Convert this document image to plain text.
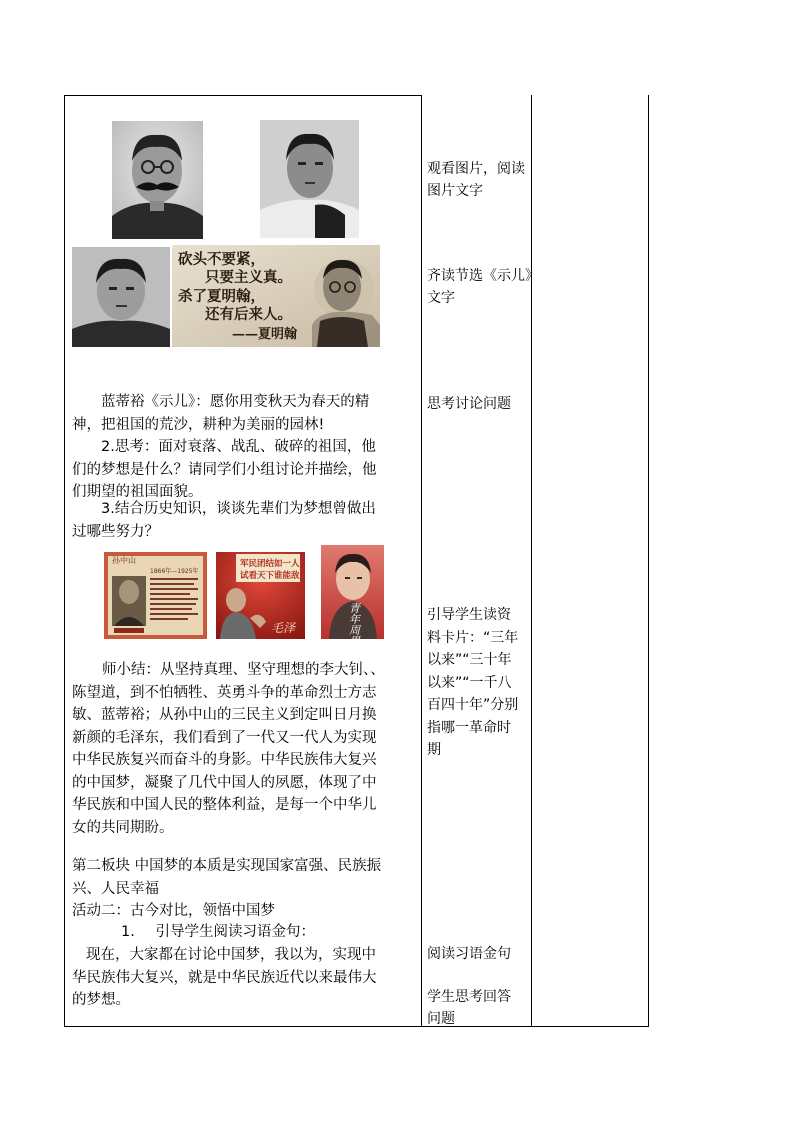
砍头不要紧，
只要主义真。
杀了夏明翰，
还有后来人。
——夏明翰
蓝蒂裕《示儿》：愿你用变秋天为春天的精
神，把祖国的荒沙，耕种为美丽的园林!
2.思考：面对衰落、战乱、破碎的祖国，他
们的梦想是什么？请同学们小组讨论并描绘，他
们期望的祖国面貌。
3.结合历史知识，谈谈先辈们为梦想曾做出
过哪些努力？
孙中山
1866年—1925年
毛泽
军民团结如一人，
试看天下谁能敌！
青年周恩来
师小结：从坚持真理、坚守理想的李大钊、、
陈望道，到不怕牺牲、英勇斗争的革命烈士方志
敏、蓝蒂裕；从孙中山的三民主义到定叫日月换
新颜的毛泽东，我们看到了一代又一代人为实现
中华民族复兴而奋斗的身影。中华民族伟大复兴
的中国梦，凝聚了几代中国人的夙愿，体现了中
华民族和中国人民的整体利益，是每一个中华儿
女的共同期盼。
第二板块 中国梦的本质是实现国家富强、民族振
兴、人民幸福
活动二：古今对比，领悟中国梦
1. 引导学生阅读习语金句：
现在，大家都在讨论中国梦，我以为，实现中
华民族伟大复兴，就是中华民族近代以来最伟大
的梦想。
观看图片，阅读
图片文字
齐读节选《示儿》
文字
思考讨论问题
引导学生读资
料卡片：“三年
以来”“三十年
以来”“一千八
百四十年”分别
指哪一革命时
期
阅读习语金句
学生思考回答
问题
